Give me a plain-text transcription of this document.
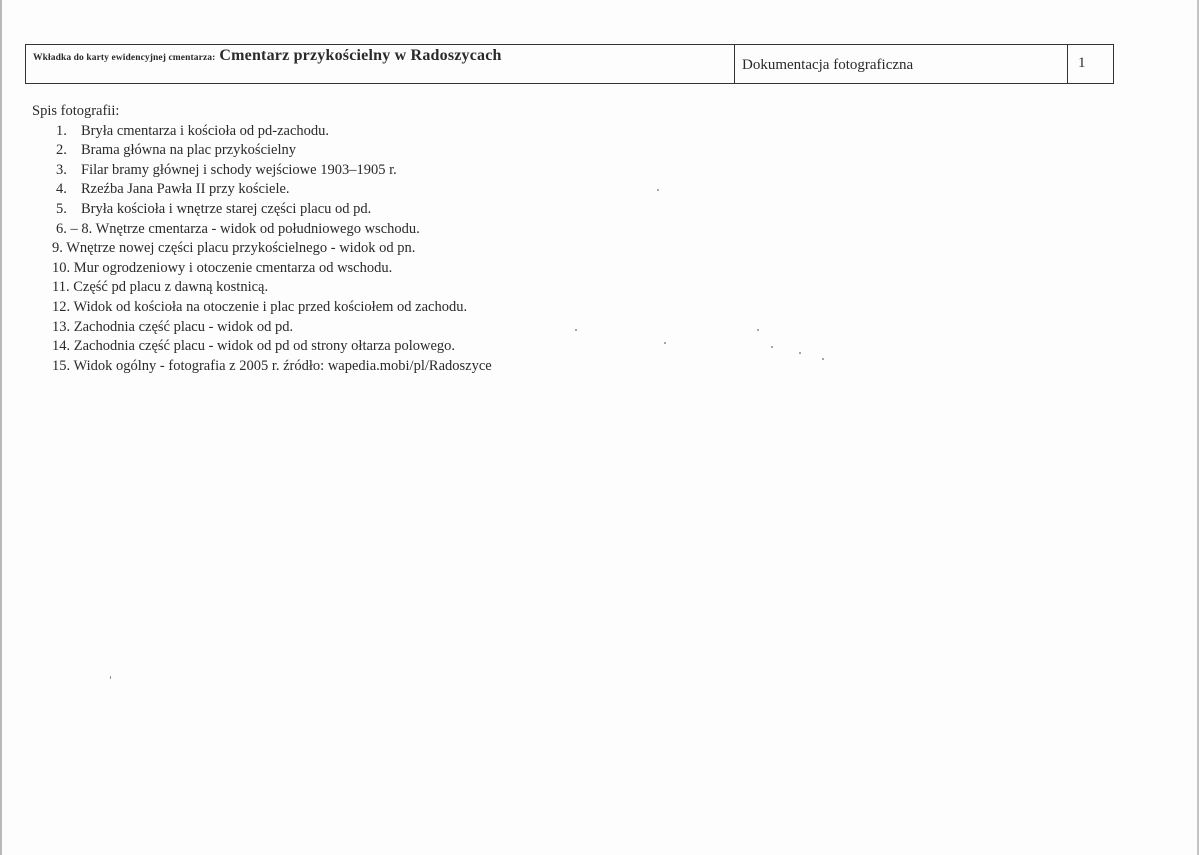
Wkładka do karty ewidencyjnej cmentarza: Cmentarz przykościelny w Radoszycach
Dokumentacja fotograficzna	1

Spis fotografii:

1. Bryła cmentarza i kościoła od pd-zachodu.
2. Brama główna na plac przykościelny
3. Filar bramy głównej i schody wejściowe 1903–1905 r.
4. Rzeźba Jana Pawła II przy kościele.
5. Bryła kościoła i wnętrze starej części placu od pd.
6. – 8. Wnętrze cmentarza - widok od południowego wschodu.
9. Wnętrze nowej części placu przykościelnego - widok od pn.
10. Mur ogrodzeniowy i otoczenie cmentarza od wschodu.
11. Część pd placu z dawną kostnicą.
12. Widok od kościoła na otoczenie i plac przed kościołem od zachodu.
13. Zachodnia część placu - widok od pd.
14. Zachodnia część placu - widok od pd od strony ołtarza polowego.
15. Widok ogólny - fotografia z 2005 r. źródło: wapedia.mobi/pl/Radoszyce
